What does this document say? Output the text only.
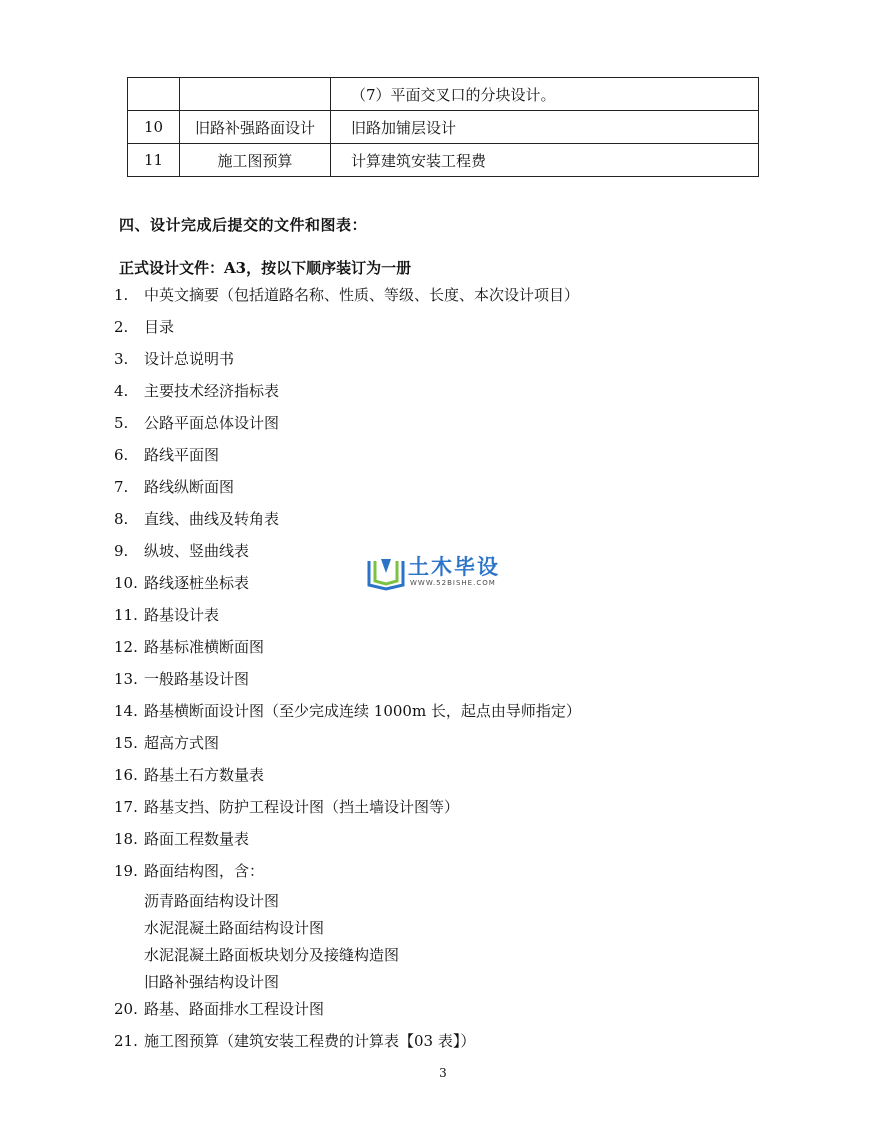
		（7）平面交叉口的分块设计。
10	旧路补强路面设计	旧路加铺层设计
11	施工图预算	计算建筑安装工程费
四、设计完成后提交的文件和图表：
正式设计文件：A3，按以下顺序装订为一册
1. 中英文摘要（包括道路名称、性质、等级、长度、本次设计项目）
2. 目录
3. 设计总说明书
4. 主要技术经济指标表
5. 公路平面总体设计图
6. 路线平面图
7. 路线纵断面图
8. 直线、曲线及转角表
9. 纵坡、竖曲线表
10. 路线逐桩坐标表
11. 路基设计表
12. 路基标准横断面图
13. 一般路基设计图
14. 路基横断面设计图（至少完成连续 1000m 长，起点由导师指定）
15. 超高方式图
16. 路基土石方数量表
17. 路基支挡、防护工程设计图（挡土墙设计图等）
18. 路面工程数量表
19. 路面结构图，含：
20. 路基、路面排水工程设计图
21. 施工图预算（建筑安装工程费的计算表【03 表】）
沥青路面结构设计图
水泥混凝土路面结构设计图
水泥混凝土路面板块划分及接缝构造图
旧路补强结构设计图
土木毕设
WWW.52BISHE.COM
3
